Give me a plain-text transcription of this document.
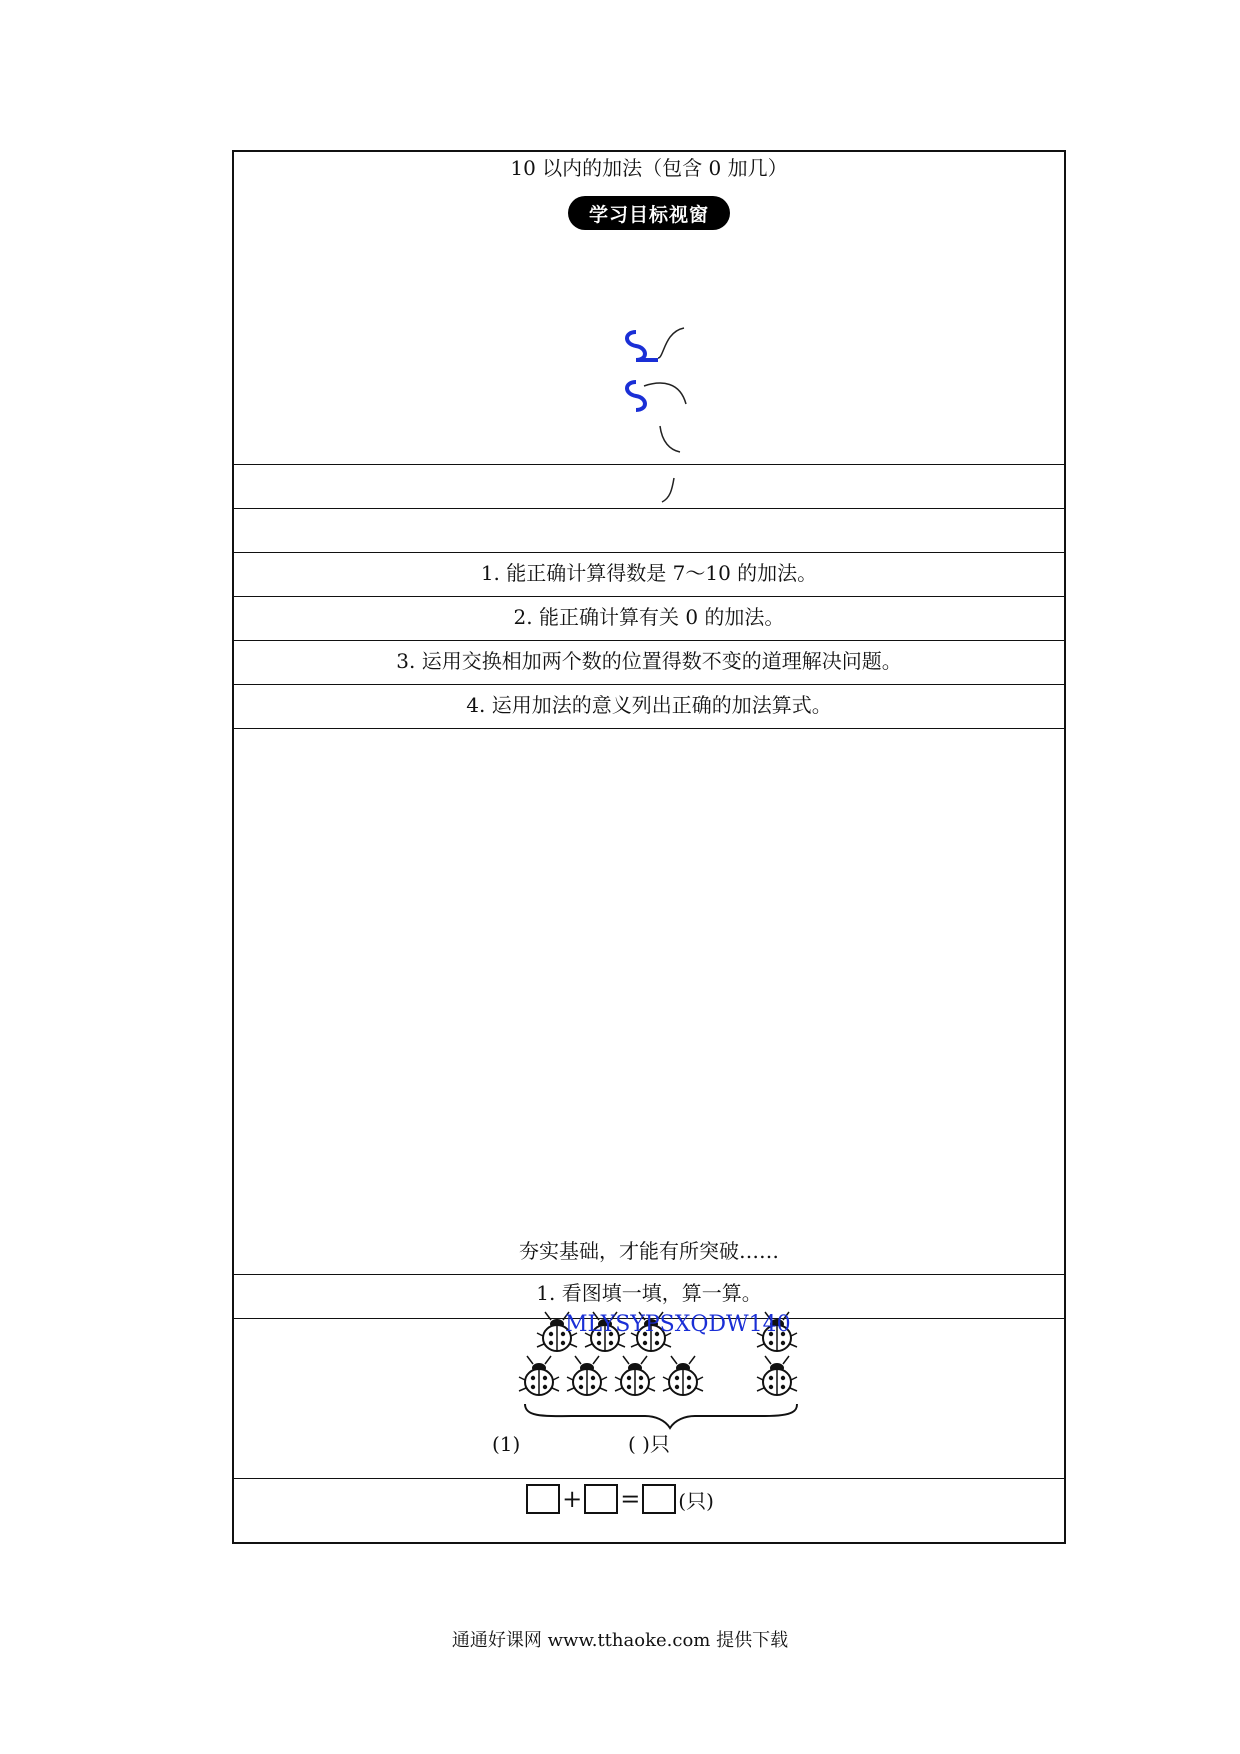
10 以内的加法（包含 0 加几）
学习目标视窗
1. 能正确计算得数是 7～10 的加法。
2. 能正确计算有关 0 的加法。
3. 运用交换相加两个数的位置得数不变的道理解决问题。
4. 运用加法的意义列出正确的加法算式。
夯实基础，才能有所突破……
1. 看图填一填，算一算。
MLYSYPSXQDW140
(1)	( )只
+ = (只)
通通好课网 www.tthaoke.com 提供下载
